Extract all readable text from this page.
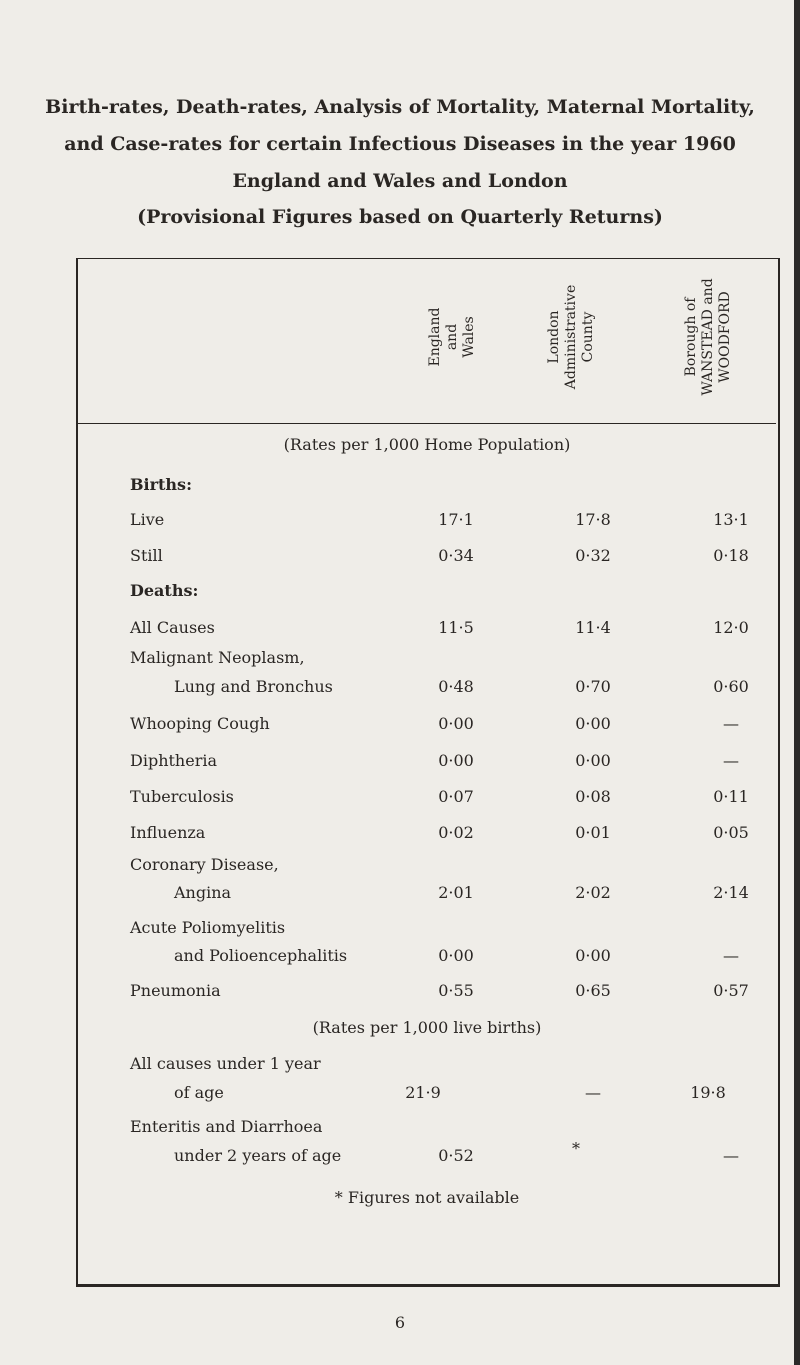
Birth-rates, Death-rates, Analysis of Mortality, Maternal Mortality,
and Case-rates for certain Infectious Diseases in the year 1960
England and Wales and London
(Provisional Figures based on Quarterly Returns)
England and Wales	London Administrative County	Borough of WANSTEAD and WOODFORD
(Rates per 1,000 Home Population)
Births:
Live	17·1	17·8	13·1
Still	0·34	0·32	0·18
Deaths:
All Causes	11·5	11·4	12·0
Malignant Neoplasm,
Lung and Bronchus	0·48	0·70	0·60
Whooping Cough	0·00	0·00	—
Diphtheria	0·00	0·00	—
Tuberculosis	0·07	0·08	0·11
Influenza	0·02	0·01	0·05
Coronary Disease,
Angina	2·01	2·02	2·14
Acute Poliomyelitis
and Polioencephalitis	0·00	0·00	—
Pneumonia	0·55	0·65	0·57
(Rates per 1,000 live births)
All causes under 1 year
of age	21·9	—	19·8
Enteritis and Diarrhoea
under 2 years of age	0·52	*	—
* Figures not available
6
